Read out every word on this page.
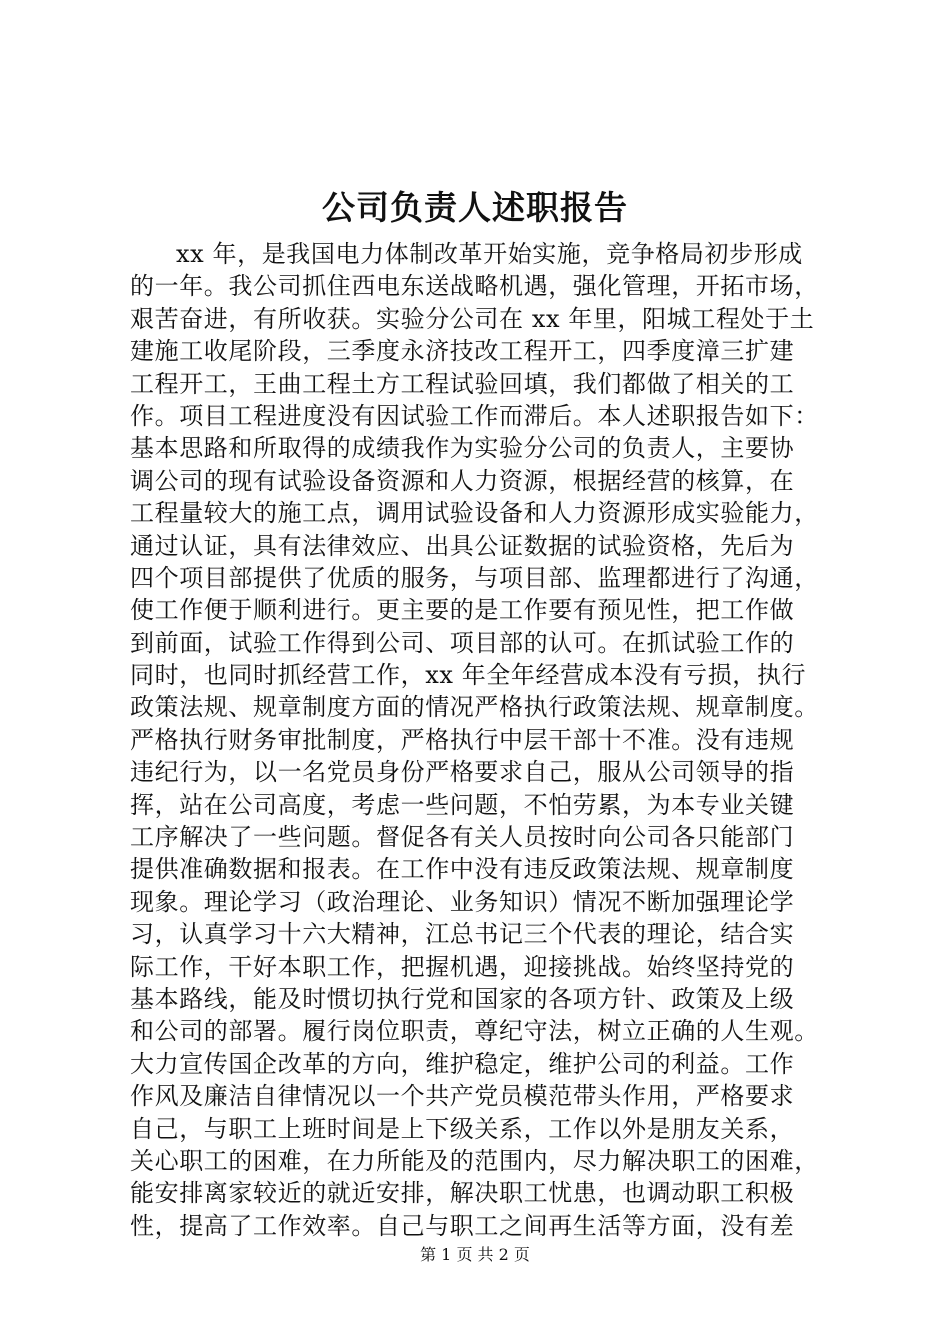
公司负责人述职报告
xx 年，是我国电力体制改革开始实施，竞争格局初步形成
的一年。我公司抓住西电东送战略机遇，强化管理，开拓市场，
艰苦奋进，有所收获。实验分公司在 xx 年里，阳城工程处于土
建施工收尾阶段，三季度永济技改工程开工，四季度漳三扩建
工程开工，王曲工程土方工程试验回填，我们都做了相关的工
作。项目工程进度没有因试验工作而滞后。本人述职报告如下：
基本思路和所取得的成绩我作为实验分公司的负责人，主要协
调公司的现有试验设备资源和人力资源，根据经营的核算，在
工程量较大的施工点，调用试验设备和人力资源形成实验能力，
通过认证，具有法律效应、出具公证数据的试验资格，先后为
四个项目部提供了优质的服务，与项目部、监理都进行了沟通，
使工作便于顺利进行。更主要的是工作要有预见性，把工作做
到前面，试验工作得到公司、项目部的认可。在抓试验工作的
同时，也同时抓经营工作，xx 年全年经营成本没有亏损，执行
政策法规、规章制度方面的情况严格执行政策法规、规章制度。
严格执行财务审批制度，严格执行中层干部十不准。没有违规
违纪行为，以一名党员身份严格要求自己，服从公司领导的指
挥，站在公司高度，考虑一些问题，不怕劳累，为本专业关键
工序解决了一些问题。督促各有关人员按时向公司各只能部门
提供准确数据和报表。在工作中没有违反政策法规、规章制度
现象。理论学习（政治理论、业务知识）情况不断加强理论学
习，认真学习十六大精神，江总书记三个代表的理论，结合实
际工作，干好本职工作，把握机遇，迎接挑战。始终坚持党的
基本路线，能及时惯切执行党和国家的各项方针、政策及上级
和公司的部署。履行岗位职责，尊纪守法，树立正确的人生观。
大力宣传国企改革的方向，维护稳定，维护公司的利益。工作
作风及廉洁自律情况以一个共产党员模范带头作用，严格要求
自己，与职工上班时间是上下级关系，工作以外是朋友关系，
关心职工的困难，在力所能及的范围内，尽力解决职工的困难，
能安排离家较近的就近安排，解决职工忧患，也调动职工积极
性，提高了工作效率。自己与职工之间再生活等方面，没有差
第 1 页 共 2 页
